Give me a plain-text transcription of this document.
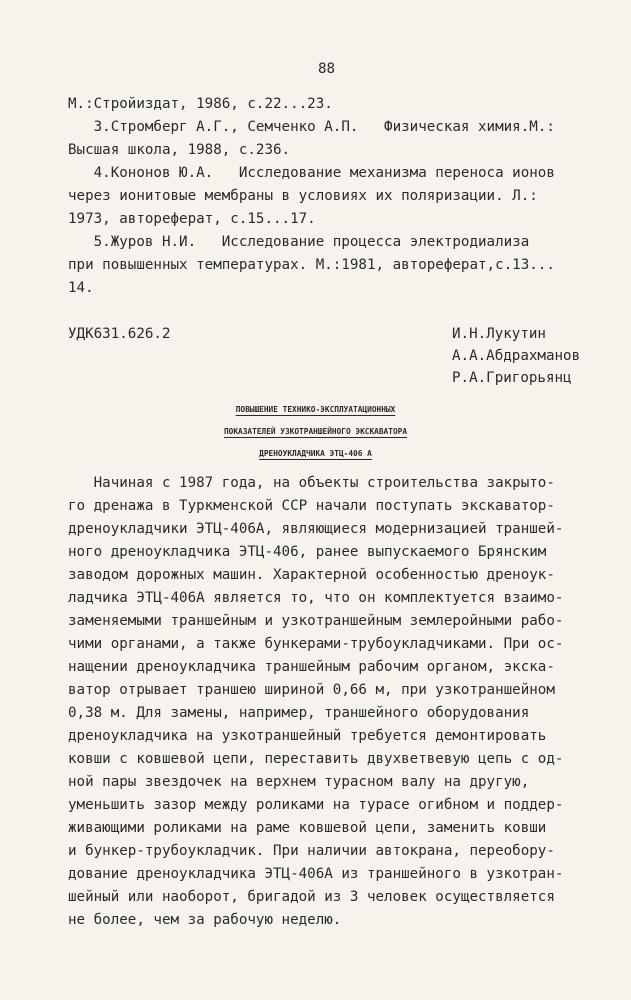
88
М.:Стройиздат, 1986, с.22...23.
3.Стромберг А.Г., Семченко А.П.   Физическая химия.М.:
Высшая школа, 1988, с.236.
4.Кононов Ю.А.   Исследование механизма переноса ионов
через ионитовые мембраны в условиях их поляризации. Л.:
1973, автореферат, с.15...17.
5.Журов Н.И.   Исследование процесса электродиализа
при повышенных температурах. М.:1981, автореферат,с.13...
14.
УДК631.626.2	И.Н.Лукутин
А.А.Абдрахманов
Р.А.Григорьянц
ПОВЫШЕНИЕ ТЕХНИКО-ЭКСПЛУАТАЦИОННЫХ
ПОКАЗАТЕЛЕЙ УЗКОТРАНШЕЙНОГО ЭКСКАВАТОРА
ДРЕНОУКЛАДЧИКА ЭТЦ-406 А
Начиная с 1987 года, на объекты строительства закрыто-
го дренажа в Туркменской ССР начали поступать экскаватор-
дреноукладчики ЭТЦ-406А, являющиеся модернизацией траншей-
ного дреноукладчика ЭТЦ-406, ранее выпускаемого Брянским
заводом дорожных машин. Характерной особенностью дреноук-
ладчика ЭТЦ-406А является то, что он комплектуется взаимо-
заменяемыми траншейным и узкотраншейным землеройными рабо-
чими органами, а также бункерами-трубоукладчиками. При ос-
нащении дреноукладчика траншейным рабочим органом, экска-
ватор отрывает траншею шириной 0,66 м, при узкотраншейном
0,38 м. Для замены, например, траншейного оборудования
дреноукладчика на узкотраншейный требуется демонтировать
ковши с ковшевой цепи, переставить двухветвевую цепь с од-
ной пары звездочек на верхнем турасном валу на другую,
уменьшить зазор между роликами на турасе огибном и поддер-
живающими роликами на раме ковшевой цепи, заменить ковши
и бункер-трубоукладчик. При наличии автокрана, переобору-
дование дреноукладчика ЭТЦ-406А из траншейного в узкотран-
шейный или наоборот, бригадой из 3 человек осуществляется
не более, чем за рабочую неделю.
